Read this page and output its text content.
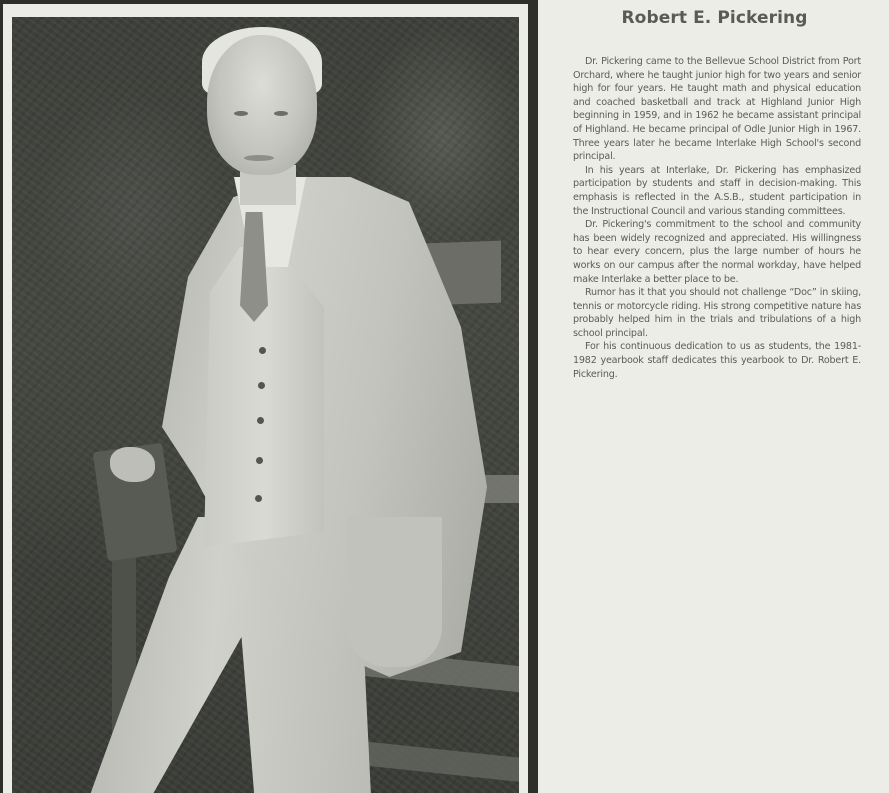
Robert E. Pickering

Dr. Pickering came to the Bellevue School District from Port Orchard, where he taught junior high for two years and senior high for four years. He taught math and physical education and coached basketball and track at Highland Junior High beginning in 1959, and in 1962 he became assistant principal of Highland. He became principal of Odle Junior High in 1967. Three years later he became Interlake High School's second principal.

In his years at Interlake, Dr. Pickering has emphasized participation by students and staff in decision-making. This emphasis is reflected in the A.S.B., student participation in the Instructional Council and various standing committees.

Dr. Pickering's commitment to the school and community has been widely recognized and appreciated. His willingness to hear every concern, plus the large number of hours he works on our campus after the normal workday, have helped make Interlake a better place to be.

Rumor has it that you should not challenge “Doc” in skiing, tennis or motorcycle riding. His strong competitive nature has probably helped him in the trials and tribulations of a high school principal.

For his continuous dedication to us as students, the 1981-1982 yearbook staff dedicates this yearbook to Dr. Robert E. Pickering.
